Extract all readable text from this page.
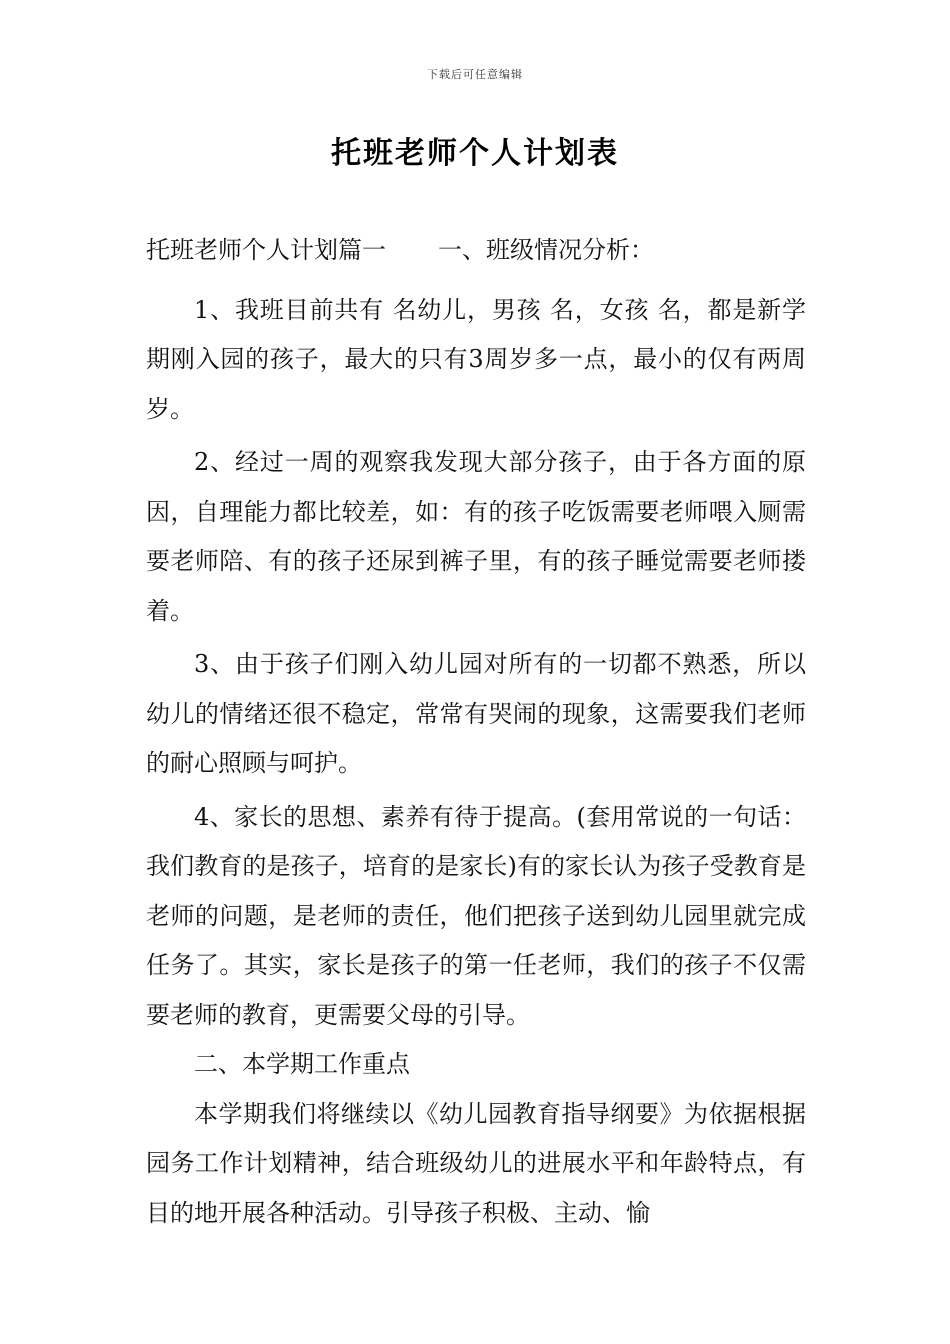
下载后可任意编辑
托班老师个人计划表

托班老师个人计划篇一 一、班级情况分析：

1、我班目前共有 名幼儿，男孩 名，女孩 名，都是新学期刚入园的孩子，最大的只有3周岁多一点，最小的仅有两周岁。

2、经过一周的观察我发现大部分孩子，由于各方面的原因，自理能力都比较差，如：有的孩子吃饭需要老师喂入厕需要老师陪、有的孩子还尿到裤子里，有的孩子睡觉需要老师搂着。

3、由于孩子们刚入幼儿园对所有的一切都不熟悉，所以幼儿的情绪还很不稳定，常常有哭闹的现象，这需要我们老师的耐心照顾与呵护。

4、家长的思想、素养有待于提高。(套用常说的一句话：我们教育的是孩子，培育的是家长)有的家长认为孩子受教育是老师的问题，是老师的责任，他们把孩子送到幼儿园里就完成任务了。其实，家长是孩子的第一任老师，我们的孩子不仅需要老师的教育，更需要父母的引导。

二、本学期工作重点

本学期我们将继续以《幼儿园教育指导纲要》为依据根据园务工作计划精神，结合班级幼儿的进展水平和年龄特点，有目的地开展各种活动。引导孩子积极、主动、愉
